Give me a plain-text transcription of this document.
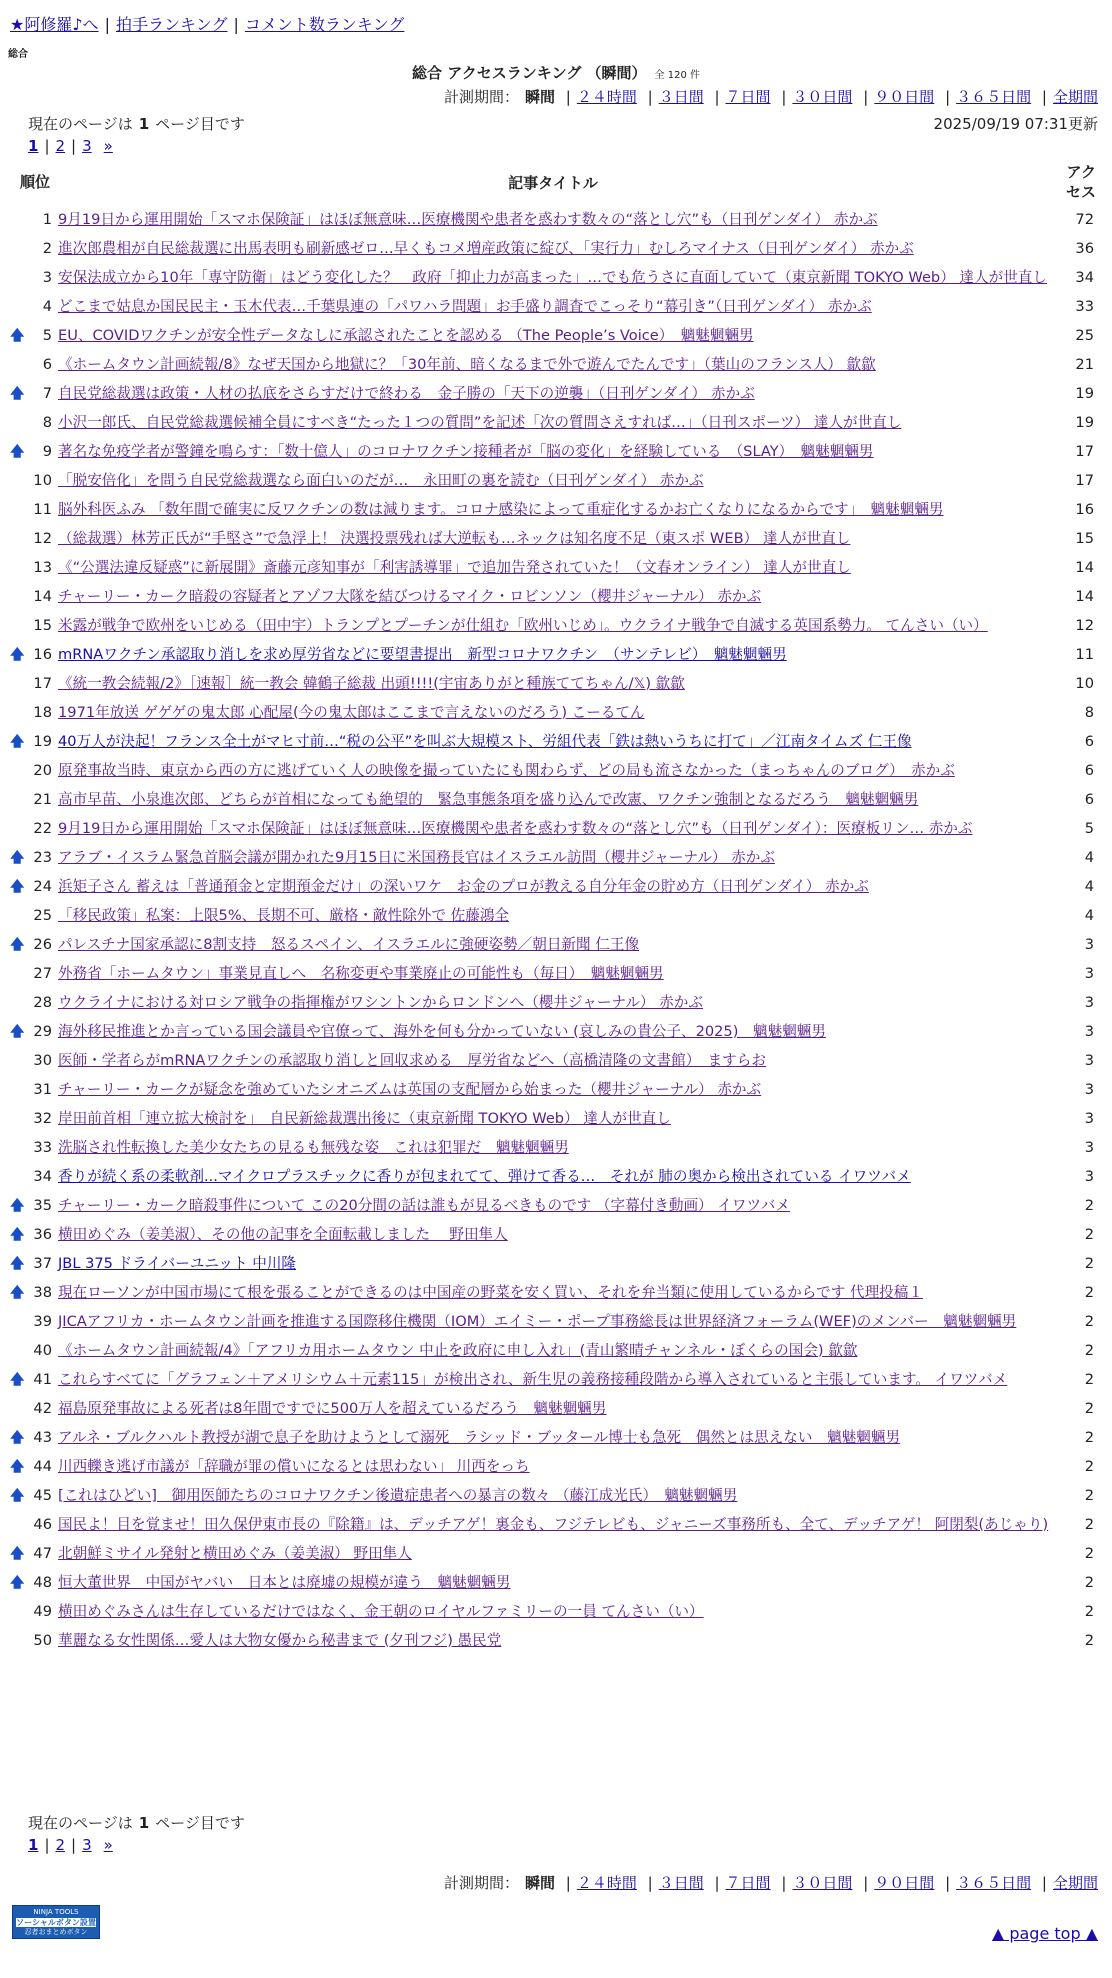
★阿修羅♪へ | 拍手ランキング | コメント数ランキング
総合
総合 アクセスランキング （瞬間） 全 120 件
計測期間： 瞬間 | ２４時間 | ３日間 | ７日間 | ３０日間 | ９０日間 | ３６５日間 | 全期間
現在のページは 1 ページ目です	2025/09/19 07:31更新
1 | 2 | 3 »
順位	記事タイトル	アクセス
1	9月19日から運用開始「スマホ保険証」はほぼ無意味…医療機関や患者を惑わす数々の“落とし穴”も（日刊ゲンダイ） 赤かぶ	72
2	進次郎農相が自民総裁選に出馬表明も刷新感ゼロ…早くもコメ増産政策に綻び、「実行力」むしろマイナス（日刊ゲンダイ） 赤かぶ	36
3	安保法成立から10年「専守防衛」はどう変化した？　政府「抑止力が高まった」…でも危うさに直面していて（東京新聞 TOKYO Web） 達人が世直し	34
4	どこまで姑息か国民民主・玉木代表…千葉県連の「パワハラ問題」お手盛り調査でこっそり“幕引き”（日刊ゲンダイ） 赤かぶ	33

🡅 5	EU、COVIDワクチンが安全性データなしに承認されたことを認める （The People’s Voice）　魑魅魍魎男	25
6	《ホームタウン計画続報/8》なぜ天国から地獄に？「30年前、暗くなるまで外で遊んでたんです」（葉山のフランス人） 歙歙	21

🡅 7	自民党総裁選は政策・人材の払底をさらすだけで終わる　金子勝の「天下の逆襲」（日刊ゲンダイ） 赤かぶ	19
8	小沢一郎氏、自民党総裁選候補全員にすべき“たった１つの質問”を記述「次の質問さえすれば…」（日刊スポーツ） 達人が世直し	19

🡅 9	著名な免疫学者が警鐘を鳴らす：「数十億人」のコロナワクチン接種者が「脳の変化」を経験している　（SLAY）　魑魅魍魎男	17
10	「脱安倍化」を問う自民党総裁選なら面白いのだが…　永田町の裏を読む（日刊ゲンダイ） 赤かぶ	17
11	脳外科医ふみ 「数年間で確実に反ワクチンの数は減ります。コロナ感染によって重症化するかお亡くなりになるからです」　魑魅魍魎男	16
12	（総裁選）林芳正氏が“手堅さ”で急浮上！ 決選投票残れば大逆転も…ネックは知名度不足（東スポ WEB） 達人が世直し	15
13	《“公選法違反疑惑”に新展開》斎藤元彦知事が「利害誘導罪」で追加告発されていた！（文春オンライン） 達人が世直し	14
14	チャーリー・カーク暗殺の容疑者とアゾフ大隊を結びつけるマイク・ロビンソン（櫻井ジャーナル） 赤かぶ	14
15	米露が戦争で欧州をいじめる（田中宇）トランプとプーチンが仕組む「欧州いじめ」。ウクライナ戦争で自滅する英国系勢力。 てんさい（い）	12

🡅 16	mRNAワクチン承認取り消しを求め厚労省などに要望書提出　新型コロナワクチン　（サンテレビ）　魑魅魍魎男	11
17	《統一教会続報/2》［速報］統一教会 韓鶴子総裁 出頭!!!!(宇宙ありがと種族ててちゃん/𝕏) 歙歙	10
18	1971年放送 ゲゲゲの鬼太郎 心配屋(今の鬼太郎はここまで言えないのだろう) こーるてん	8

🡅 19	40万人が決起！フランス全土がマヒ寸前…“税の公平”を叫ぶ大規模スト、労組代表「鉄は熱いうちに打て」／江南タイムズ 仁王像	6
20	原発事故当時、東京から西の方に逃げていく人の映像を撮っていたにも関わらず、どの局も流さなかった（まっちゃんのブログ）　赤かぶ	6
21	高市早苗、小泉進次郎、どちらが首相になっても絶望的　緊急事態条項を盛り込んで改憲、ワクチン強制となるだろう　魑魅魍魎男	6
22	9月19日から運用開始「スマホ保険証」はほぼ無意味…医療機関や患者を惑わす数々の“落とし穴”も（日刊ゲンダイ）：医療板リン… 赤かぶ	5

🡅 23	アラブ・イスラム緊急首脳会議が開かれた9月15日に米国務長官はイスラエル訪問（櫻井ジャーナル） 赤かぶ	4

🡅 24	浜矩子さん 蓄えは「普通預金と定期預金だけ」の深いワケ　お金のプロが教える自分年金の貯め方（日刊ゲンダイ） 赤かぶ	4
25	「移民政策」私案：上限5%、長期不可、厳格・敵性除外で 佐藤鴻全	4

🡅 26	パレスチナ国家承認に8割支持　怒るスペイン、イスラエルに強硬姿勢／朝日新聞 仁王像	3
27	外務省「ホームタウン」事業見直しへ　名称変更や事業廃止の可能性も（毎日）　魑魅魍魎男	3
28	ウクライナにおける対ロシア戦争の指揮権がワシントンからロンドンへ（櫻井ジャーナル） 赤かぶ	3

🡅 29	海外移民推進とか言っている国会議員や官僚って、海外を何も分かっていない (哀しみの貴公子、2025)　魑魅魍魎男	3
30	医師・学者らがmRNAワクチンの承認取り消しと回収求める　厚労省などへ（高橋清隆の文書館）　ますらお	3
31	チャーリー・カークが疑念を強めていたシオニズムは英国の支配層から始まった（櫻井ジャーナル） 赤かぶ	3
32	岸田前首相「連立拡大検討を」　自民新総裁選出後に（東京新聞 TOKYO Web） 達人が世直し	3
33	洗脳され性転換した美少女たちの見るも無残な姿　これは犯罪だ　魑魅魍魎男	3
34	香りが続く系の柔軟剤...マイクロプラスチックに香りが包まれてて、弾けて香る…　それが 肺の奥から検出されている イワツバメ	3

🡅 35	チャーリー・カーク暗殺事件について この20分間の話は誰もが見るべきものです （字幕付き動画） イワツバメ	2

🡅 36	横田めぐみ（姜美淑）、その他の記事を全面転載しました　 野田隼人	2

🡅 37	JBL 375 ドライバーユニット 中川隆	2

🡅 38	現在ローソンが中国市場にて根を張ることができるのは中国産の野菜を安く買い、それを弁当類に使用しているからです 代理投稿１	2
39	JICAアフリカ・ホームタウン計画を推進する国際移住機関（IOM）エイミー・ポープ事務総長は世界経済フォーラム(WEF)のメンバー　魑魅魍魎男	2
40	《ホームタウン計画続報/4》「アフリカ用ホームタウン 中止を政府に申し入れ」(青山繁晴チャンネル・ぼくらの国会) 歙歙	2

🡅 41	これらすべてに「グラフェン＋アメリシウム＋元素115」が検出され、新生児の義務接種段階から導入されていると主張しています。 イワツバメ	2
42	福島原発事故による死者は8年間ですでに500万人を超えているだろう　魑魅魍魎男	2

🡅 43	アルネ・ブルクハルト教授が湖で息子を助けようとして溺死　ラシッド・ブッタール博士も急死　偶然とは思えない　魑魅魍魎男	2

🡅 44	川西轢き逃げ市議が「辞職が罪の償いになるとは思わない」 川西をっち	2

🡅 45	[これはひどい]　御用医師たちのコロナワクチン後遺症患者への暴言の数々 （藤江成光氏）　魑魅魍魎男	2
46	国民よ！目を覚ませ！田久保伊東市長の『除籍』は、デッチアゲ！裏金も、フジテレビも、ジャニーズ事務所も、全て、デッチアゲ！ 阿閉梨(あじゃり)	2

🡅 47	北朝鮮ミサイル発射と横田めぐみ（姜美淑） 野田隼人	2

🡅 48	恒大董世界　中国がヤバい　日本とは廃墟の規模が違う　魑魅魍魎男	2
49	横田めぐみさんは生存しているだけではなく、金王朝のロイヤルファミリーの一員 てんさい（い）	2
50	華麗なる女性関係…愛人は大物女優から秘書まで (夕刊フジ) 愚民党	2
現在のページは 1 ページ目です
1 | 2 | 3 »
計測期間： 瞬間 | ２４時間 | ３日間 | ７日間 | ３０日間 | ９０日間 | ３６５日間 | 全期間
NINJA TOOLS
ソーシャルボタン設置
忍者おまとめボタン	▲ page top ▲
